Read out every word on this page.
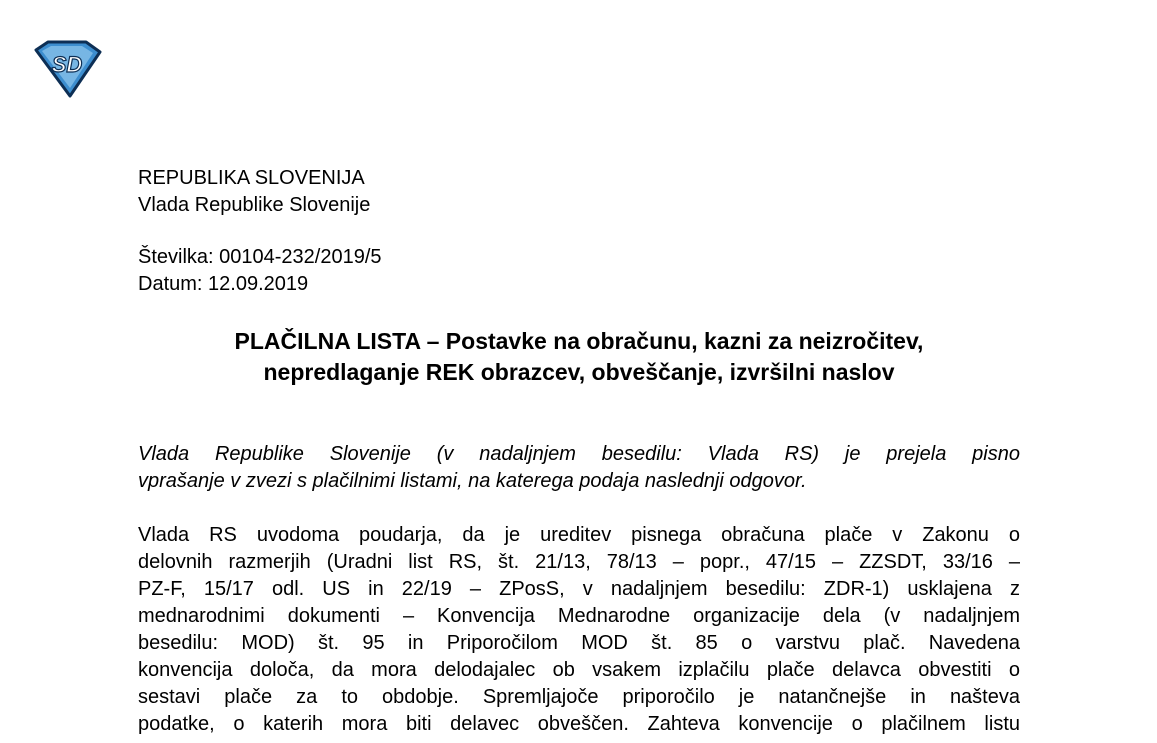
SD
REPUBLIKA SLOVENIJA
Vlada Republike Slovenije
Številka: 00104-232/2019/5
Datum: 12.09.2019
PLAČILNA LISTA – Postavke na obračunu, kazni za neizročitev,
nepredlaganje REK obrazcev, obveščanje, izvršilni naslov
Vlada Republike Slovenije (v nadaljnjem besedilu: Vlada RS) je prejela pisno
vprašanje v zvezi s plačilnimi listami, na katerega podaja naslednji odgovor.
Vlada RS uvodoma poudarja, da je ureditev pisnega obračuna plače v Zakonu o
delovnih razmerjih (Uradni list RS, št. 21/13, 78/13 – popr., 47/15 – ZZSDT, 33/16 –
PZ-F, 15/17 odl. US in 22/19 – ZPosS, v nadaljnjem besedilu: ZDR-1) usklajena z
mednarodnimi dokumenti – Konvencija Mednarodne organizacije dela (v nadaljnjem
besedilu: MOD) št. 95 in Priporočilom MOD št. 85 o varstvu plač. Navedena
konvencija določa, da mora delodajalec ob vsakem izplačilu plače delavca obvestiti o
sestavi plače za to obdobje. Spremljajoče priporočilo je natančnejše in našteva
podatke, o katerih mora biti delavec obveščen. Zahteva konvencije o plačilnem listu
